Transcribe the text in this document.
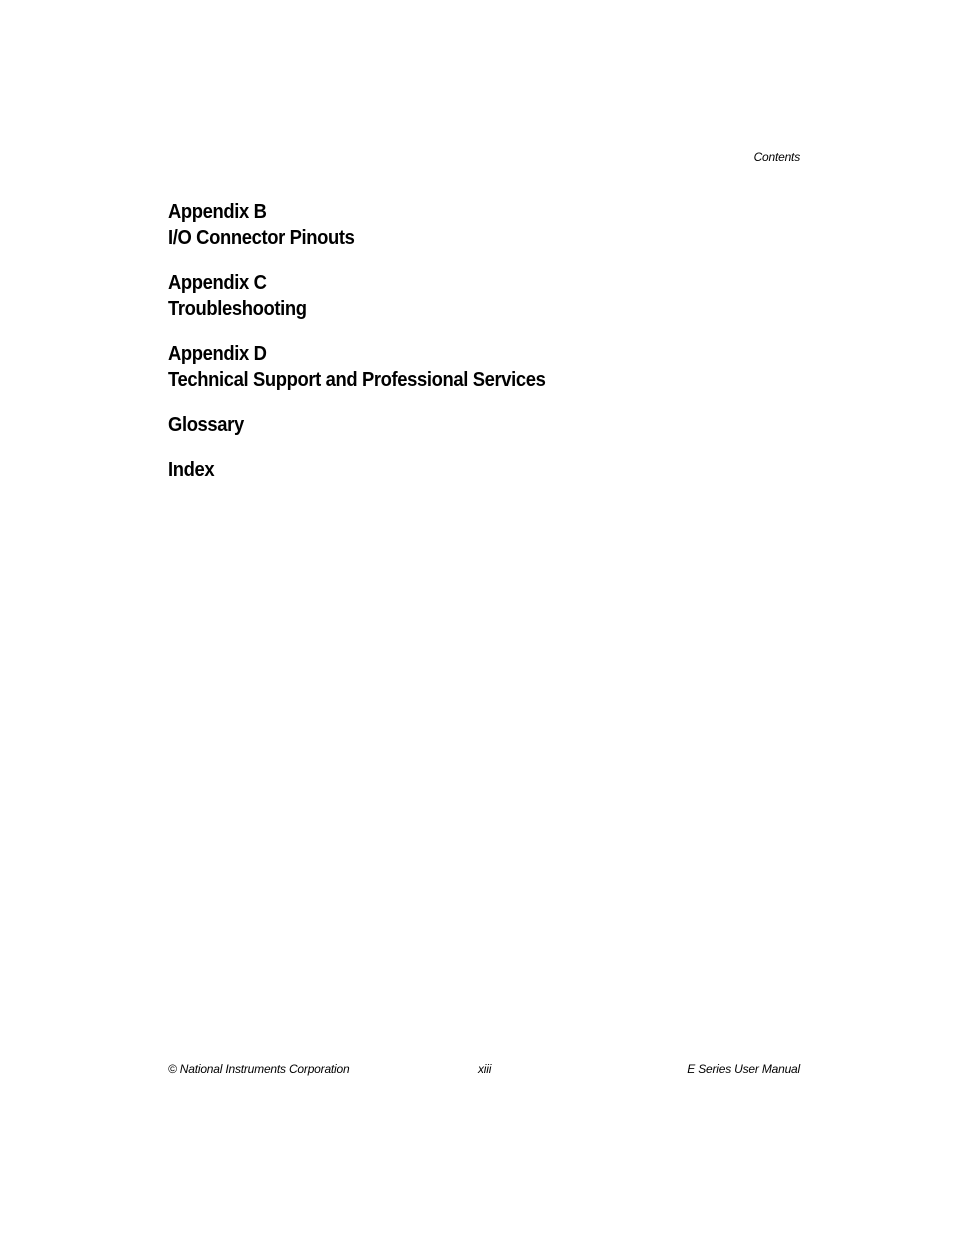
Contents
Appendix B
I/O Connector Pinouts
Appendix C
Troubleshooting
Appendix D
Technical Support and Professional Services
Glossary
Index
© National Instruments Corporation	xiii	E Series User Manual
